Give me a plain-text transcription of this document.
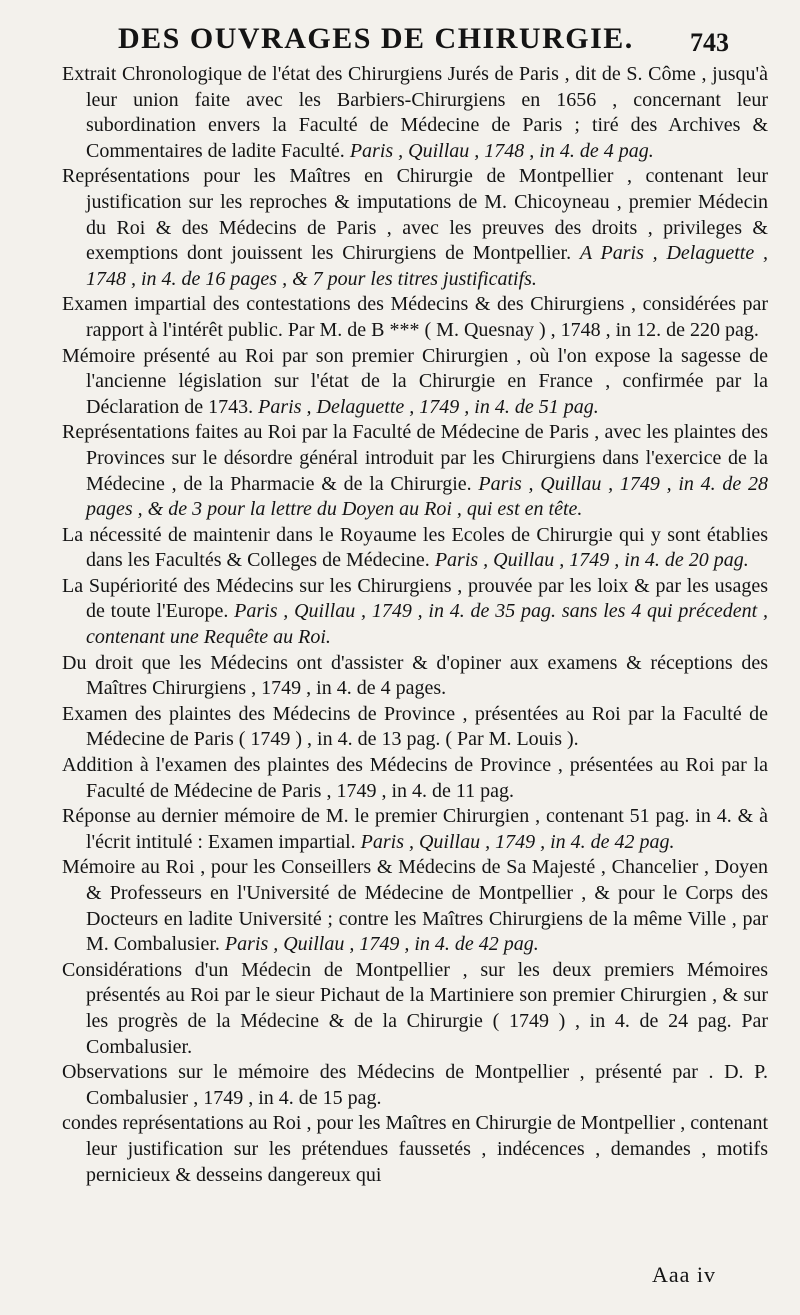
DES OUVRAGES DE CHIRURGIE. 743

Extrait Chronologique de l'état des Chirurgiens Jurés de Paris , dit de S. Côme , jusqu'à leur union faite avec les Barbiers-Chirurgiens en 1656 , concernant leur subordination envers la Faculté de Médecine de Paris ; tiré des Archives & Commentaires de ladite Faculté. Paris , Quillau , 1748 , in 4. de 4 pag.

Représentations pour les Maîtres en Chirurgie de Montpellier , contenant leur justification sur les reproches & imputations de M. Chicoyneau , premier Médecin du Roi & des Médecins de Paris , avec les preuves des droits , privileges & exemptions dont jouissent les Chirurgiens de Montpellier. A Paris , Delaguette , 1748 , in 4. de 16 pages , & 7 pour les titres justificatifs.

Examen impartial des contestations des Médecins & des Chirurgiens , considérées par rapport à l'intérêt public. Par M. de B *** ( M. Quesnay ) , 1748 , in 12. de 220 pag.

Mémoire présenté au Roi par son premier Chirurgien , où l'on expose la sagesse de l'ancienne législation sur l'état de la Chirurgie en France , confirmée par la Déclaration de 1743. Paris , Delaguette , 1749 , in 4. de 51 pag.

Représentations faites au Roi par la Faculté de Médecine de Paris , avec les plaintes des Provinces sur le désordre général introduit par les Chirurgiens dans l'exercice de la Médecine , de la Pharmacie & de la Chirurgie. Paris , Quillau , 1749 , in 4. de 28 pages , & de 3 pour la lettre du Doyen au Roi , qui est en tête.

La nécessité de maintenir dans le Royaume les Ecoles de Chirurgie qui y sont établies dans les Facultés & Colleges de Médecine. Paris , Quillau , 1749 , in 4. de 20 pag.

La Supériorité des Médecins sur les Chirurgiens , prouvée par les loix & par les usages de toute l'Europe. Paris , Quillau , 1749 , in 4. de 35 pag. sans les 4 qui précedent , contenant une Requête au Roi.

Du droit que les Médecins ont d'assister & d'opiner aux examens & réceptions des Maîtres Chirurgiens , 1749 , in 4. de 4 pages.

Examen des plaintes des Médecins de Province , présentées au Roi par la Faculté de Médecine de Paris ( 1749 ) , in 4. de 13 pag. ( Par M. Louis ).

Addition à l'examen des plaintes des Médecins de Province , présentées au Roi par la Faculté de Médecine de Paris , 1749 , in 4. de 11 pag.

Réponse au dernier mémoire de M. le premier Chirurgien , contenant 51 pag. in 4. & à l'écrit intitulé : Examen impartial. Paris , Quillau , 1749 , in 4. de 42 pag.

Mémoire au Roi , pour les Conseillers & Médecins de Sa Majesté , Chancelier , Doyen & Professeurs en l'Université de Médecine de Montpellier , & pour le Corps des Docteurs en ladite Université ; contre les Maîtres Chirurgiens de la même Ville , par M. Combalusier. Paris , Quillau , 1749 , in 4. de 42 pag.

Considérations d'un Médecin de Montpellier , sur les deux premiers Mémoires présentés au Roi par le sieur Pichaut de la Martiniere son premier Chirurgien , & sur les progrès de la Médecine & de la Chirurgie ( 1749 ) , in 4. de 24 pag. Par Combalusier.

Observations sur le mémoire des Médecins de Montpellier , présenté par . D. P. Combalusier , 1749 , in 4. de 15 pag.

condes représentations au Roi , pour les Maîtres en Chirurgie de Montpellier , contenant leur justification sur les prétendues faussetés , indécences , demandes , motifs pernicieux & desseins dangereux qui

Aaa iv
